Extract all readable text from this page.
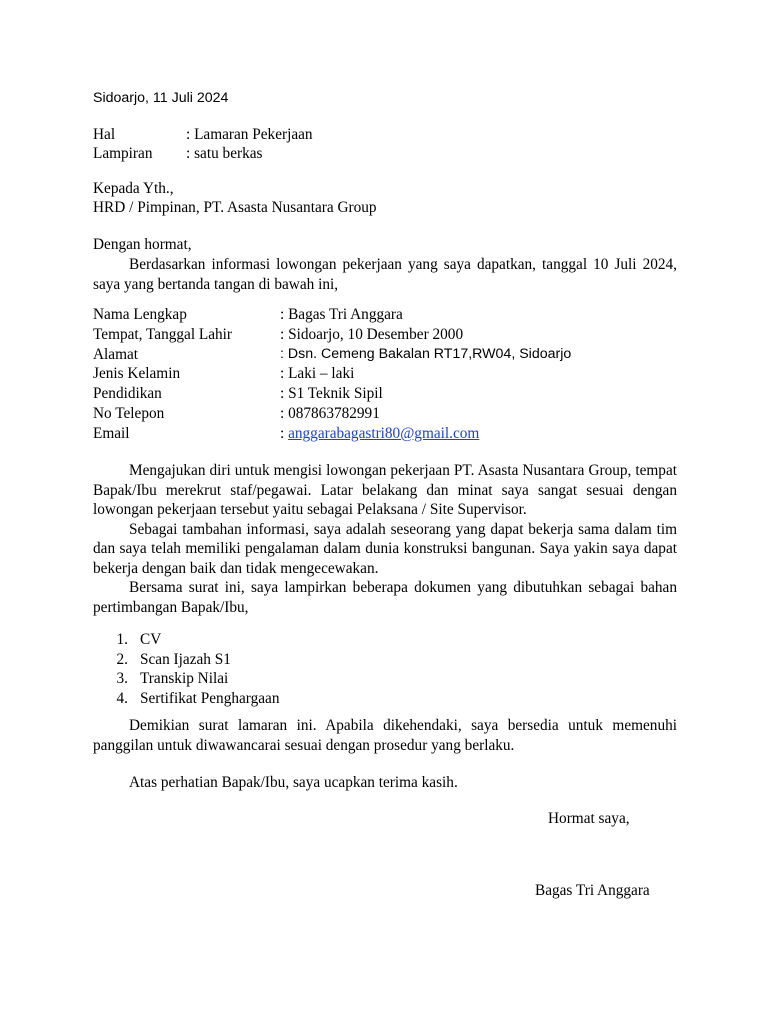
Sidoarjo, 11 Juli 2024
Hal	: Lamaran Pekerjaan
Lampiran : satu berkas
Kepada Yth.,
HRD / Pimpinan, PT. Asasta Nusantara Group
Dengan hormat,

Berdasarkan informasi lowongan pekerjaan yang saya dapatkan, tanggal 10 Juli 2024, saya yang bertanda tangan di bawah ini,

Nama Lengkap	: Bagas Tri Anggara
Tempat, Tanggal Lahir	: Sidoarjo, 10 Desember 2000
Alamat	: Dsn. Cemeng Bakalan RT17,RW04, Sidoarjo
Jenis Kelamin	: Laki – laki
Pendidikan	: S1 Teknik Sipil
No Telepon	: 087863782991
Email	: anggarabagastri80@gmail.com

Mengajukan diri untuk mengisi lowongan pekerjaan PT. Asasta Nusantara Group, tempat Bapak/Ibu merekrut staf/pegawai. Latar belakang dan minat saya sangat sesuai dengan lowongan pekerjaan tersebut yaitu sebagai Pelaksana / Site Supervisor.

Sebagai tambahan informasi, saya adalah seseorang yang dapat bekerja sama dalam tim dan saya telah memiliki pengalaman dalam dunia konstruksi bangunan. Saya yakin saya dapat bekerja dengan baik dan tidak mengecewakan.

Bersama surat ini, saya lampirkan beberapa dokumen yang dibutuhkan sebagai bahan pertimbangan Bapak/Ibu,

1. CV
2. Scan Ijazah S1
3. Transkip Nilai
4. Sertifikat Penghargaan

Demikian surat lamaran ini. Apabila dikehendaki, saya bersedia untuk memenuhi panggilan untuk diwawancarai sesuai dengan prosedur yang berlaku.

Atas perhatian Bapak/Ibu, saya ucapkan terima kasih.

Hormat saya,
Bagas Tri Anggara
